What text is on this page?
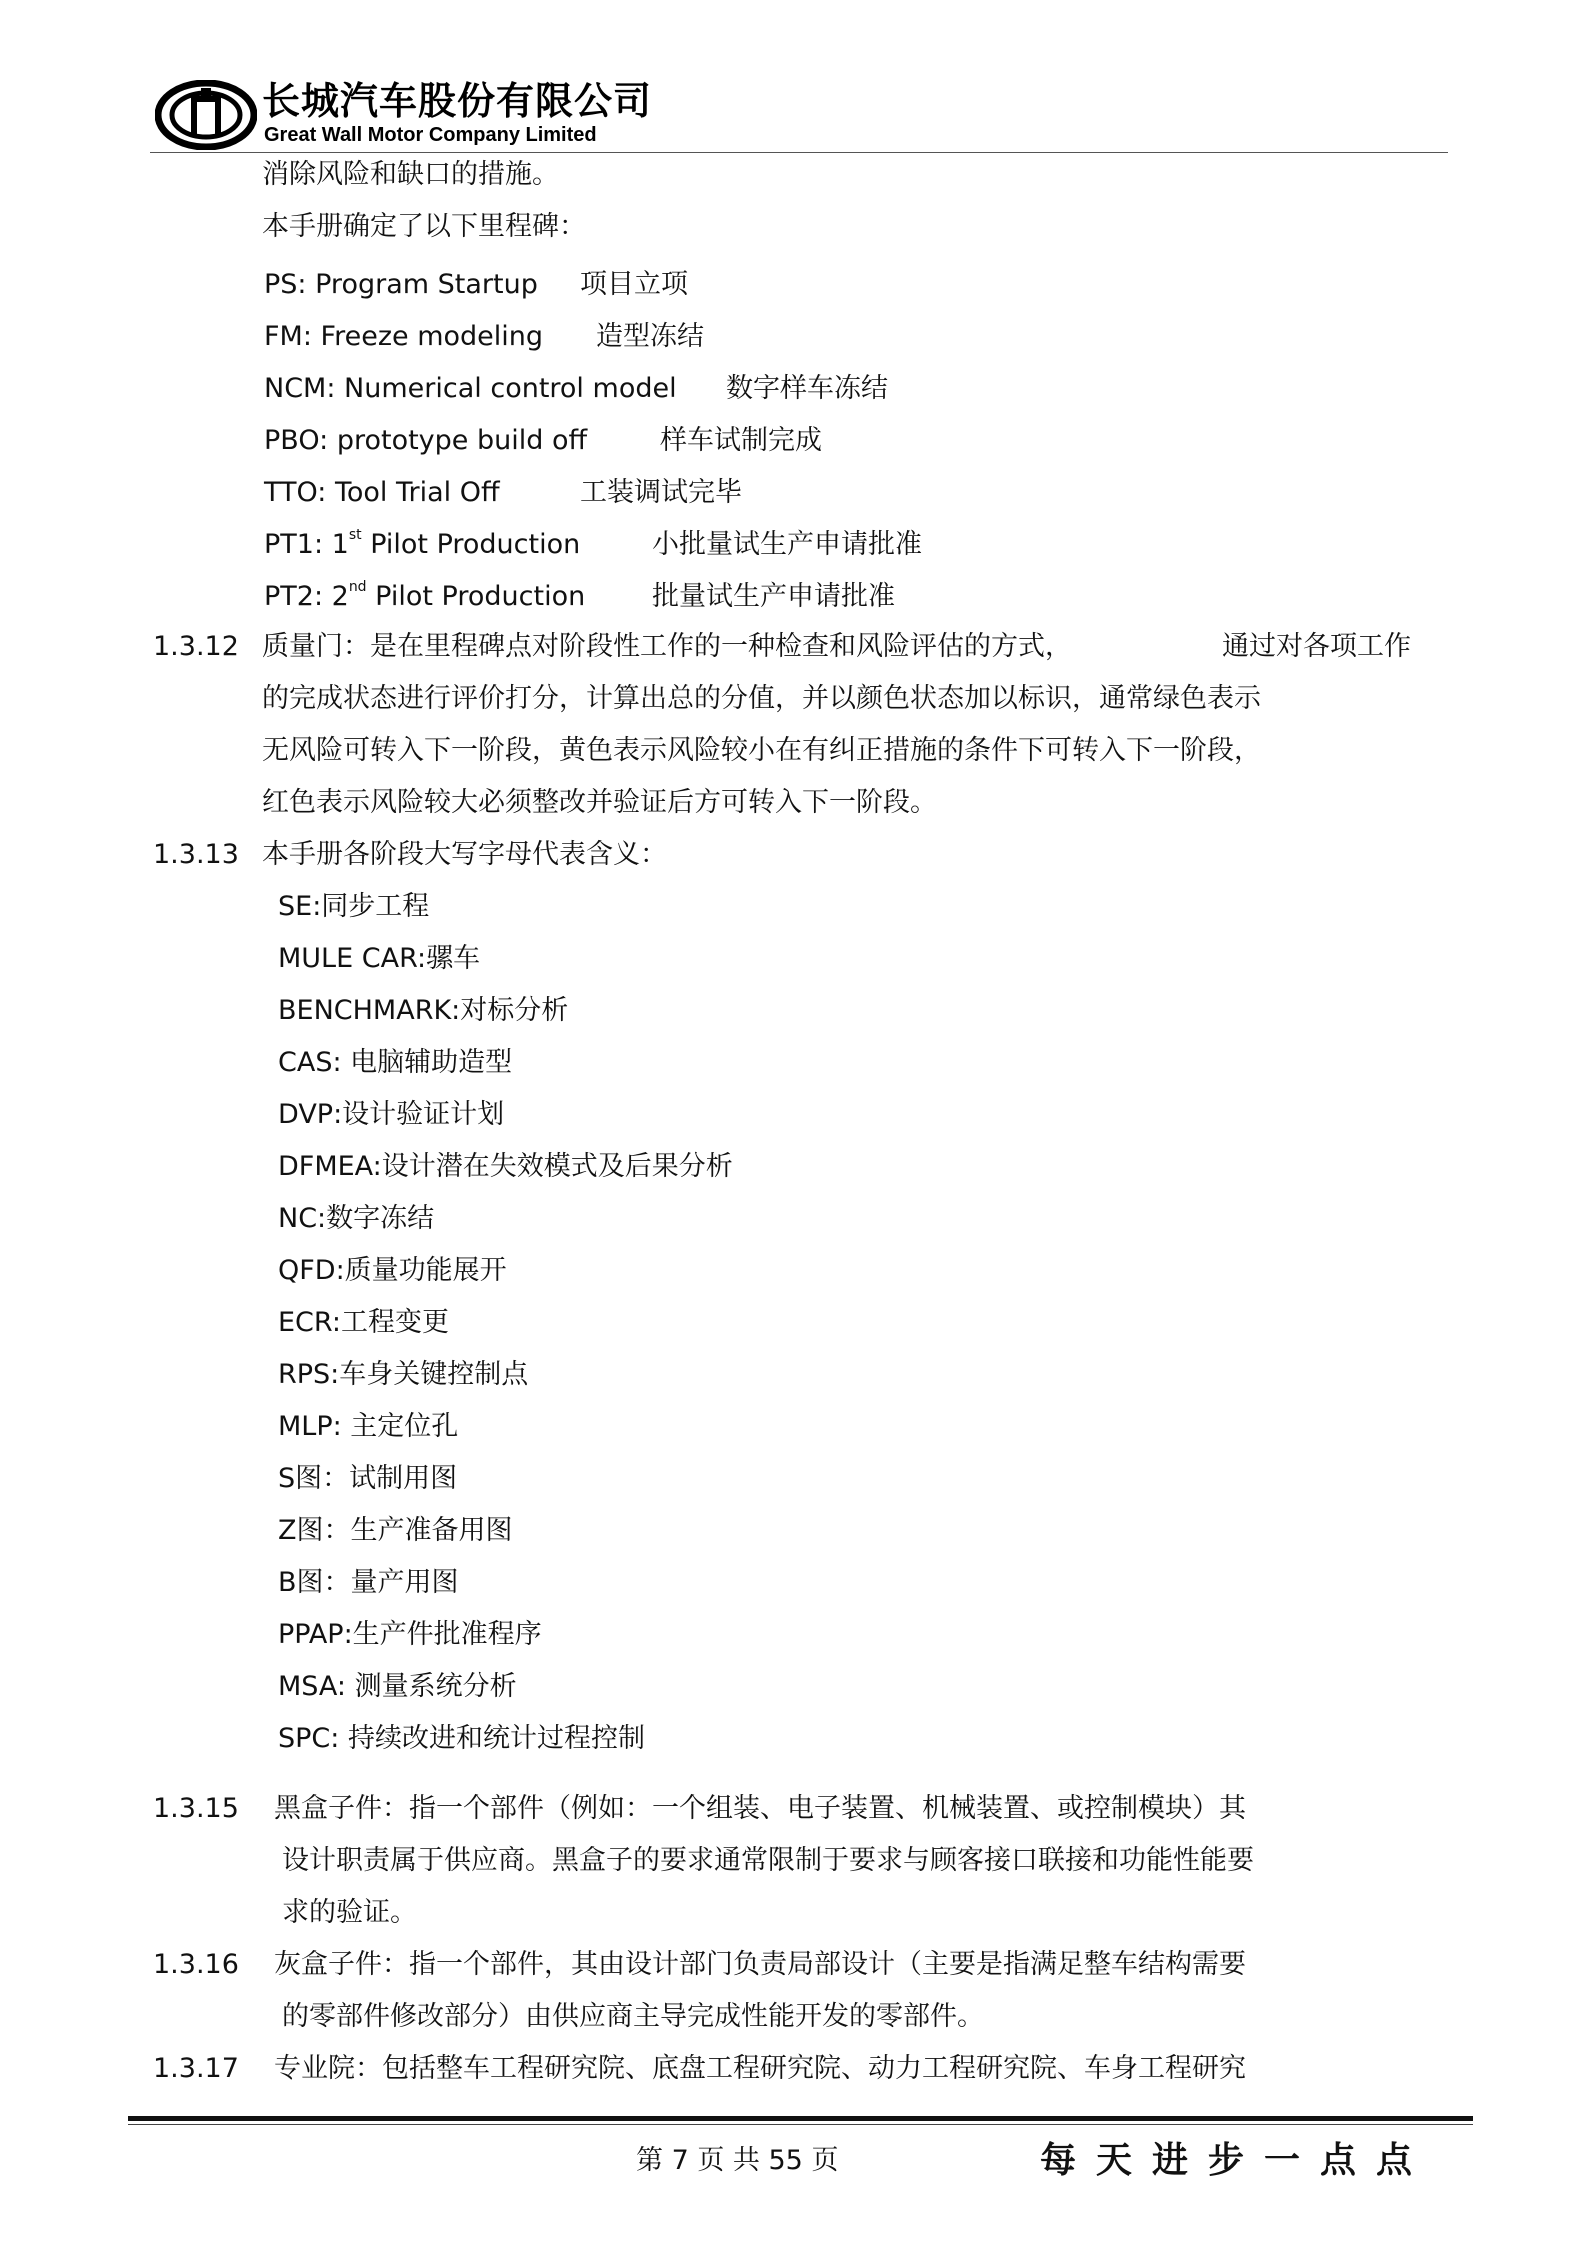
长城汽车股份有限公司
Great Wall Motor Company Limited
消除风险和缺口的措施。
本手册确定了以下里程碑：
PS: Program Startup 项目立项
FM: Freeze modeling 造型冻结
NCM: Numerical control model 数字样车冻结
PBO: prototype build off	样车试制完成
TTO: Tool Trial Off	工装调试完毕
PT1: 1st Pilot Production	小批量试生产申请批准
PT2: 2nd Pilot Production 批量试生产申请批准
1.3.12 质量门：是在里程碑点对阶段性工作的一种检查和风险评估的方式，	通过对各项工作
的完成状态进行评价打分，计算出总的分值，并以颜色状态加以标识，通常绿色表示
无风险可转入下一阶段，黄色表示风险较小在有纠正措施的条件下可转入下一阶段，
红色表示风险较大必须整改并验证后方可转入下一阶段。
1.3.13 本手册各阶段大写字母代表含义：
SE:同步工程
MULE CAR:骡车
BENCHMARK:对标分析
CAS: 电脑辅助造型
DVP:设计验证计划
DFMEA:设计潜在失效模式及后果分析
NC:数字冻结
QFD:质量功能展开
ECR:工程变更
RPS:车身关键控制点
MLP: 主定位孔
S图：试制用图
Z图：生产准备用图
B图：量产用图
PPAP:生产件批准程序
MSA: 测量系统分析
SPC: 持续改进和统计过程控制
1.3.15 黑盒子件：指一个部件（例如：一个组装、电子装置、机械装置、或控制模块）其
设计职责属于供应商。黑盒子的要求通常限制于要求与顾客接口联接和功能性能要
求的验证。
1.3.16 灰盒子件：指一个部件，其由设计部门负责局部设计（主要是指满足整车结构需要
的零部件修改部分）由供应商主导完成性能开发的零部件。
1.3.17 专业院：包括整车工程研究院、底盘工程研究院、动力工程研究院、车身工程研究
第 7 页 共 55 页	每天进步一点点
